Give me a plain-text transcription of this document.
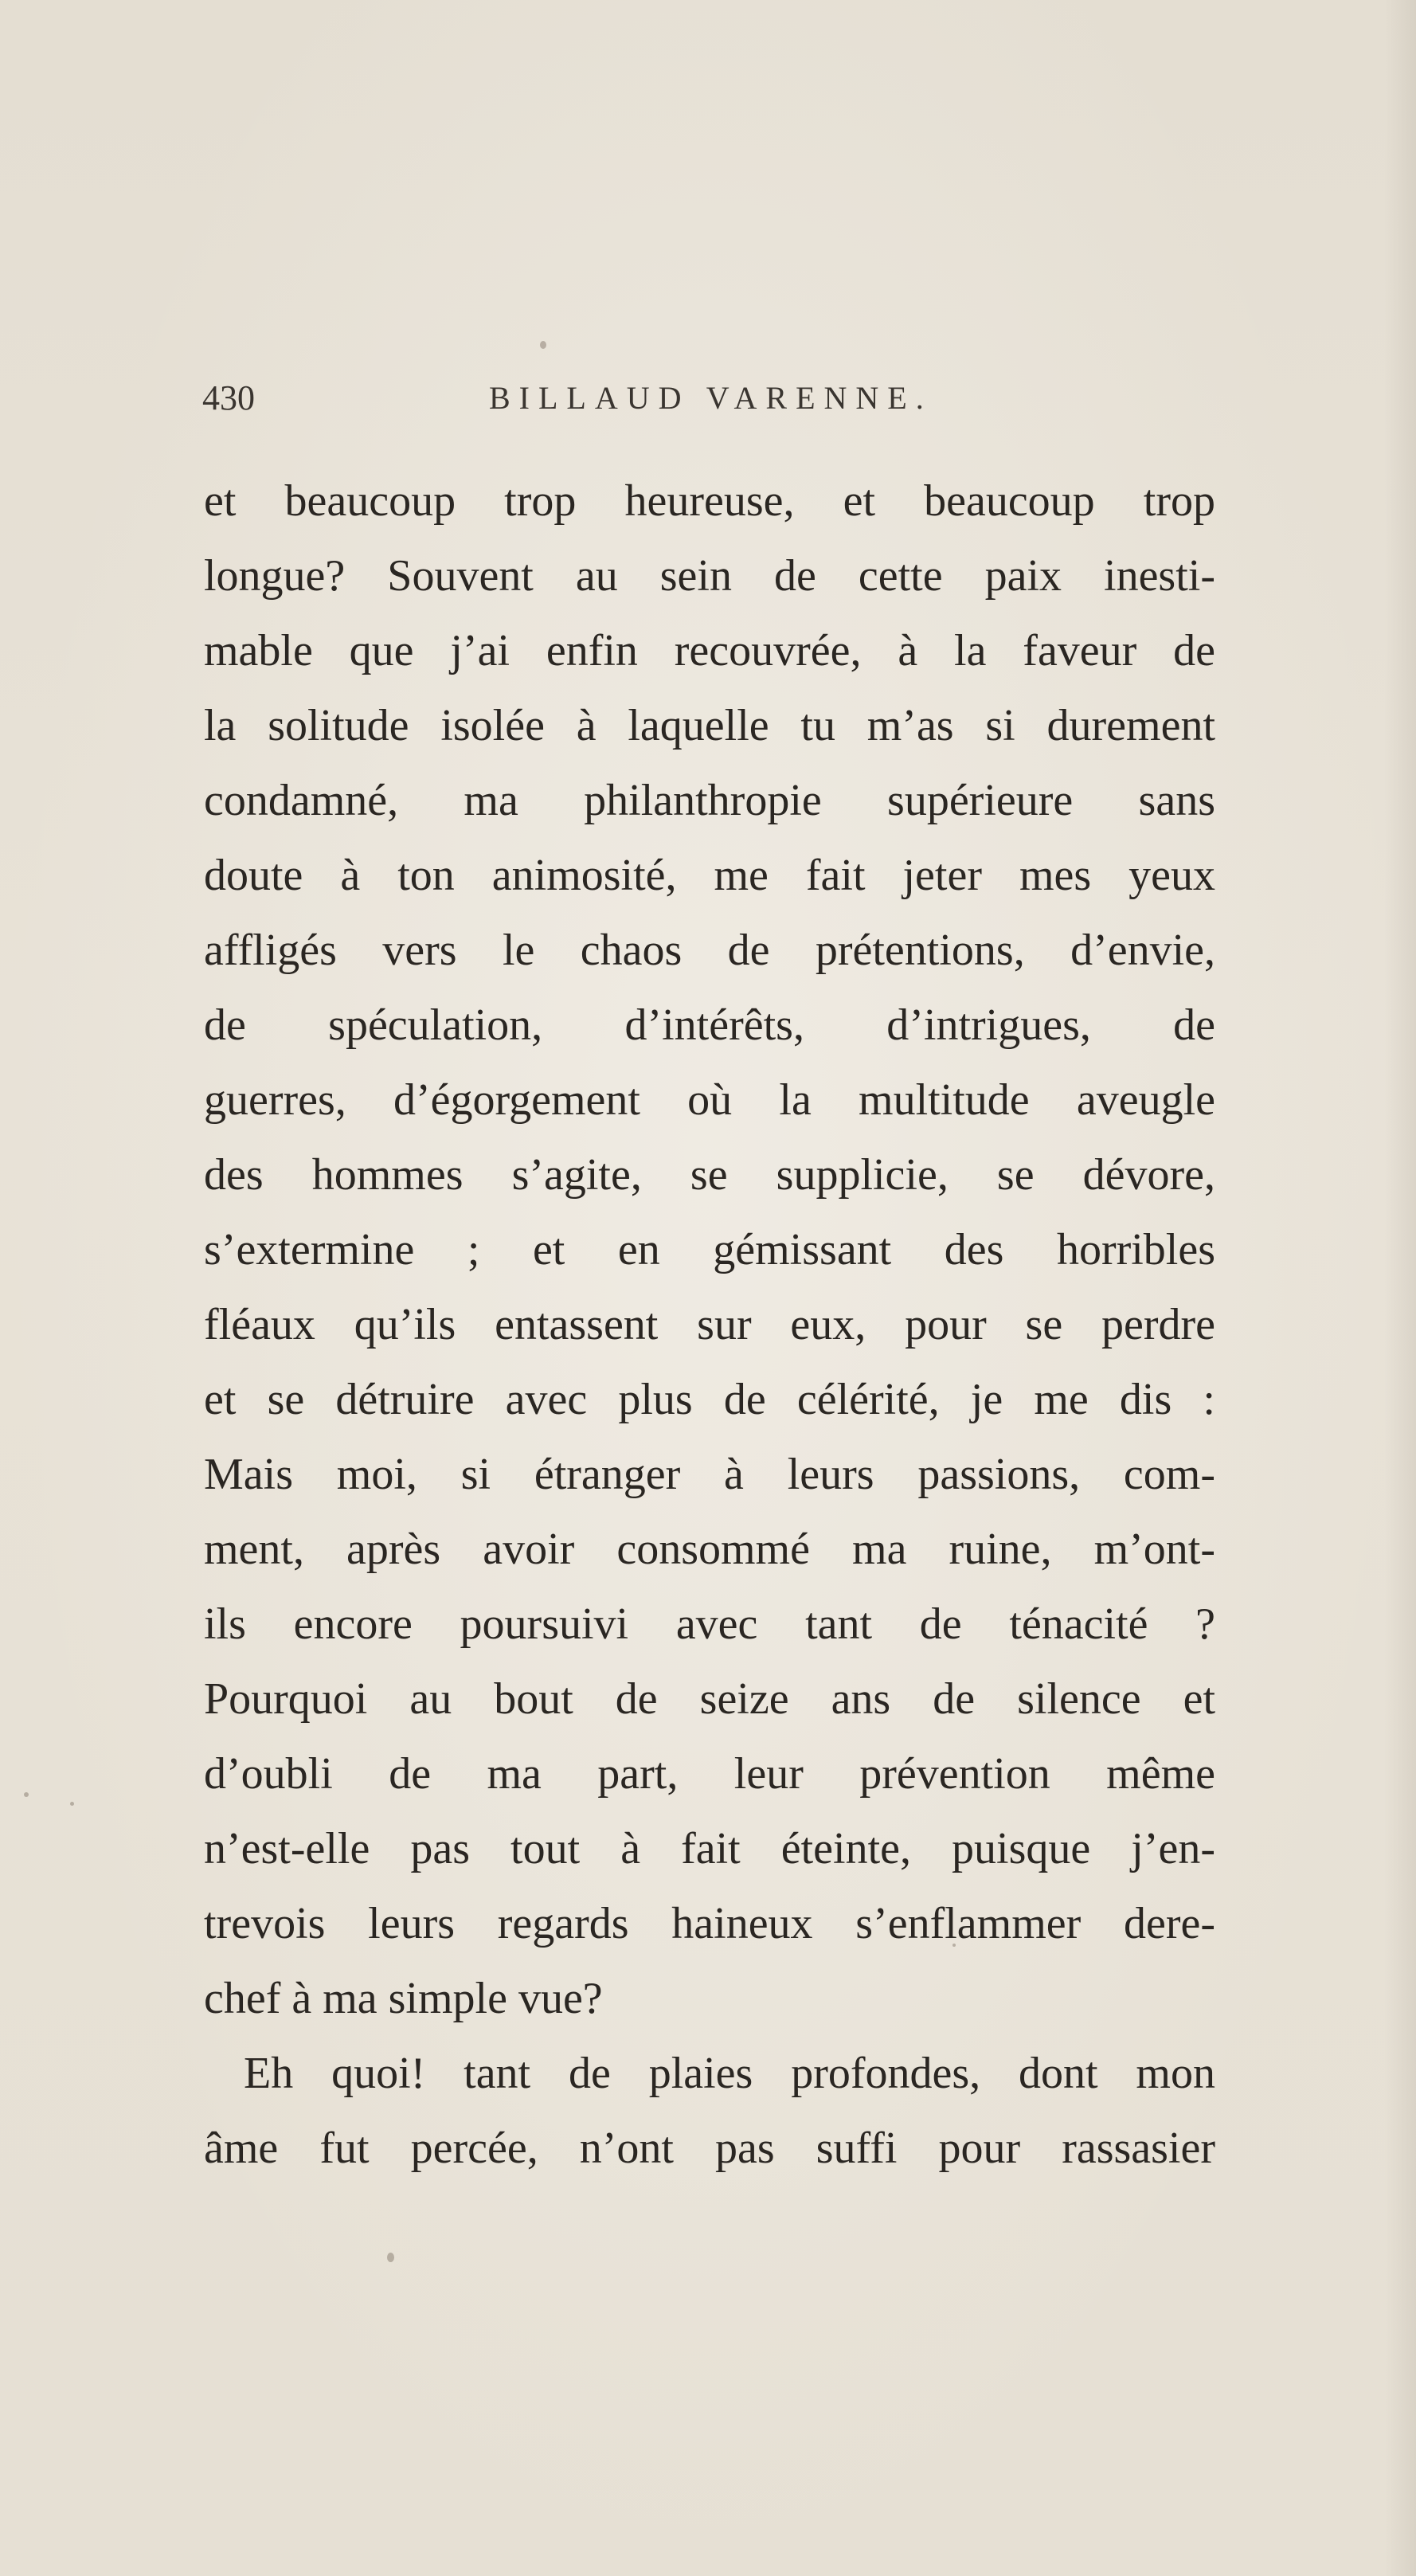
430	BILLAUD VARENNE.
et beaucoup trop heureuse, et beaucoup trop
longue? Souvent au sein de cette paix inesti-
mable que j’ai enfin recouvrée, à la faveur de
la solitude isolée à laquelle tu m’as si durement
condamné, ma philanthropie supérieure sans
doute à ton animosité, me fait jeter mes yeux
affligés vers le chaos de prétentions, d’envie,
de spéculation, d’intérêts, d’intrigues, de
guerres, d’égorgement où la multitude aveugle
des hommes s’agite, se supplicie, se dévore,
s’extermine ; et en gémissant des horribles
fléaux qu’ils entassent sur eux, pour se perdre
et se détruire avec plus de célérité, je me dis :
Mais moi, si étranger à leurs passions, com-
ment, après avoir consommé ma ruine, m’ont-
ils encore poursuivi avec tant de ténacité ?
Pourquoi au bout de seize ans de silence et
d’oubli de ma part, leur prévention même
n’est-elle pas tout à fait éteinte, puisque j’en-
trevois leurs regards haineux s’enflammer dere-
chef à ma simple vue?
Eh quoi! tant de plaies profondes, dont mon
âme fut percée, n’ont pas suffi pour rassasier
